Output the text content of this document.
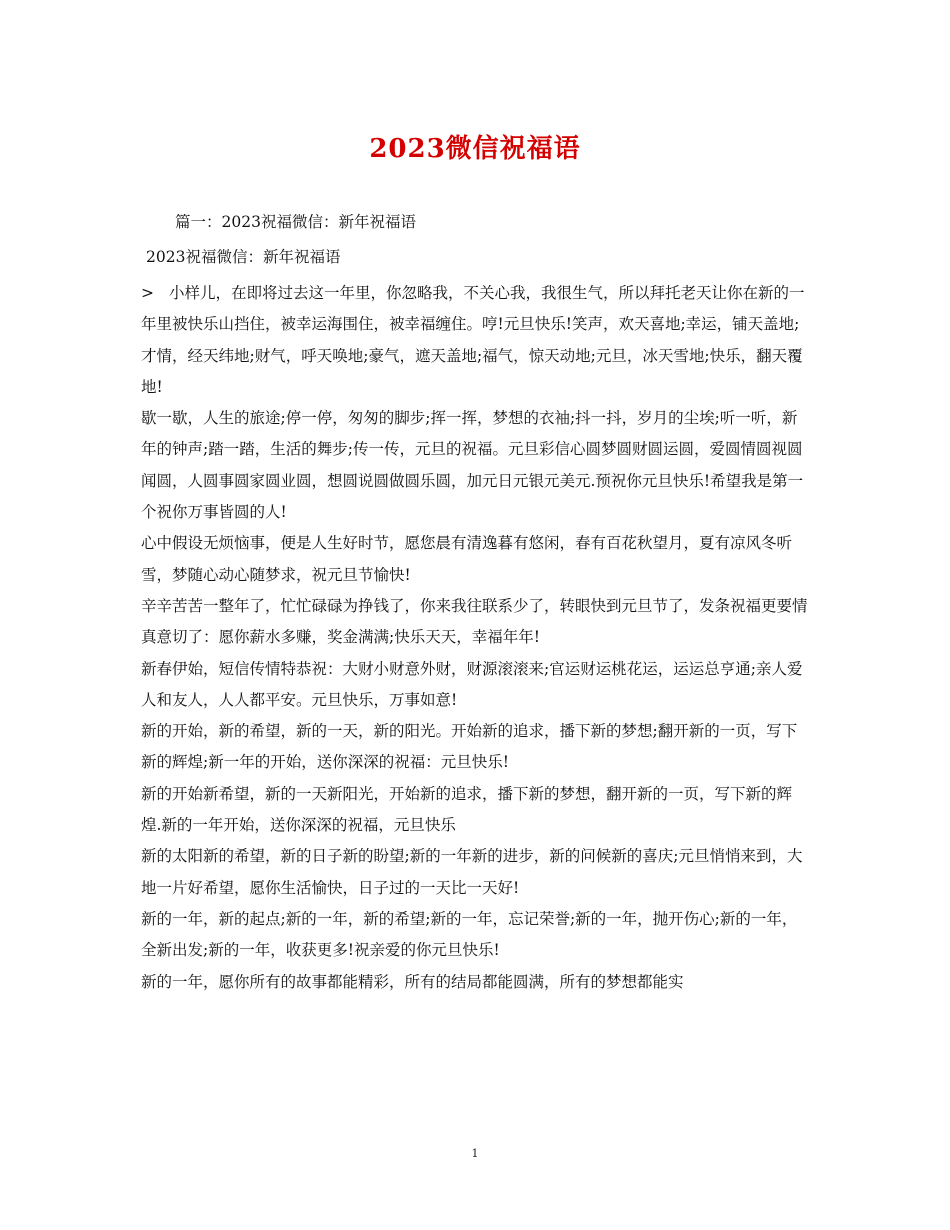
2023微信祝福语
篇一：2023祝福微信：新年祝福语
2023祝福微信：新年祝福语

> 小样儿，在即将过去这一年里，你忽略我，不关心我，我很生气，所以拜托老天让你在新的一年里被快乐山挡住，被幸运海围住，被幸福缠住。哼!元旦快乐!笑声，欢天喜地;幸运，铺天盖地;才情，经天纬地;财气，呼天唤地;豪气，遮天盖地;福气，惊天动地;元旦，冰天雪地;快乐，翻天覆地!

歇一歇，人生的旅途;停一停，匆匆的脚步;挥一挥，梦想的衣袖;抖一抖，岁月的尘埃;听一听，新年的钟声;踏一踏，生活的舞步;传一传，元旦的祝福。元旦彩信心圆梦圆财圆运圆，爱圆情圆视圆闻圆，人圆事圆家圆业圆，想圆说圆做圆乐圆，加元日元银元美元.预祝你元旦快乐!希望我是第一个祝你万事皆圆的人!

心中假设无烦恼事，便是人生好时节，愿您晨有清逸暮有悠闲，春有百花秋望月，夏有凉风冬听雪，梦随心动心随梦求，祝元旦节愉快!

辛辛苦苦一整年了，忙忙碌碌为挣钱了，你来我往联系少了，转眼快到元旦节了，发条祝福更要情真意切了：愿你薪水多赚，奖金满满;快乐天天，幸福年年!

新春伊始，短信传情特恭祝：大财小财意外财，财源滚滚来;官运财运桃花运，运运总亨通;亲人爱人和友人，人人都平安。元旦快乐，万事如意!

新的开始，新的希望，新的一天，新的阳光。开始新的追求，播下新的梦想;翻开新的一页，写下新的辉煌;新一年的开始，送你深深的祝福：元旦快乐!

新的开始新希望，新的一天新阳光，开始新的追求，播下新的梦想，翻开新的一页，写下新的辉煌.新的一年开始，送你深深的祝福，元旦快乐

新的太阳新的希望，新的日子新的盼望;新的一年新的进步，新的问候新的喜庆;元旦悄悄来到，大地一片好希望，愿你生活愉快，日子过的一天比一天好!

新的一年，新的起点;新的一年，新的希望;新的一年，忘记荣誉;新的一年，抛开伤心;新的一年，全新出发;新的一年，收获更多!祝亲爱的你元旦快乐!

新的一年，愿你所有的故事都能精彩，所有的结局都能圆满，所有的梦想都能实

1
